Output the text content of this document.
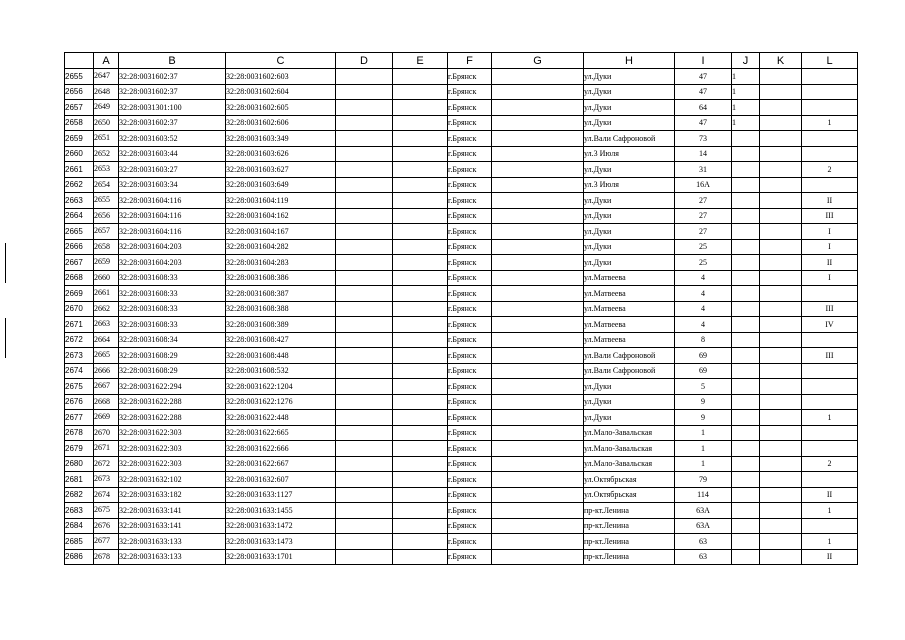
	A	B	C	D	E	F	G	H	I	J	K	L
2655	2647	32:28:0031602:37	32:28:0031602:603			г.Брянск		ул.Дуки	47	1		
2656	2648	32:28:0031602:37	32:28:0031602:604			г.Брянск		ул.Дуки	47	1		
2657	2649	32:28:0031301:100	32:28:0031602:605			г.Брянск		ул.Дуки	64	1		
2658	2650	32:28:0031602:37	32:28:0031602:606			г.Брянск		ул.Дуки	47	1		1
2659	2651	32:28:0031603:52	32:28:0031603:349			г.Брянск		ул.Вали Сафроновой	73			
2660	2652	32:28:0031603:44	32:28:0031603:626			г.Брянск		ул.3 Июля	14			
2661	2653	32:28:0031603:27	32:28:0031603:627			г.Брянск		ул.Дуки	31			2
2662	2654	32:28:0031603:34	32:28:0031603:649			г.Брянск		ул.3 Июля	16А			
2663	2655	32:28:0031604:116	32:28:0031604:119			г.Брянск		ул.Дуки	27			II
2664	2656	32:28:0031604:116	32:28:0031604:162			г.Брянск		ул.Дуки	27			III
2665	2657	32:28:0031604:116	32:28:0031604:167			г.Брянск		ул.Дуки	27			I
2666	2658	32:28:0031604:203	32:28:0031604:282			г.Брянск		ул.Дуки	25			I
2667	2659	32:28:0031604:203	32:28:0031604:283			г.Брянск		ул.Дуки	25			II
2668	2660	32:28:0031608:33	32:28:0031608:386			г.Брянск		ул.Матвеева	4			I
2669	2661	32:28:0031608:33	32:28:0031608:387			г.Брянск		ул.Матвеева	4			
2670	2662	32:28:0031608:33	32:28:0031608:388			г.Брянск		ул.Матвеева	4			III
2671	2663	32:28:0031608:33	32:28:0031608:389			г.Брянск		ул.Матвеева	4			IV
2672	2664	32:28:0031608:34	32:28:0031608:427			г.Брянск		ул.Матвеева	8			
2673	2665	32:28:0031608:29	32:28:0031608:448			г.Брянск		ул.Вали Сафроновой	69			III
2674	2666	32:28:0031608:29	32:28:0031608:532			г.Брянск		ул.Вали Сафроновой	69			
2675	2667	32:28:0031622:294	32:28:0031622:1204			г.Брянск		ул.Дуки	5			
2676	2668	32:28:0031622:288	32:28:0031622:1276			г.Брянск		ул.Дуки	9			
2677	2669	32:28:0031622:288	32:28:0031622:448			г.Брянск		ул.Дуки	9			1
2678	2670	32:28:0031622:303	32:28:0031622:665			г.Брянск		ул.Мало-Завальская	1			
2679	2671	32:28:0031622:303	32:28:0031622:666			г.Брянск		ул.Мало-Завальская	1			
2680	2672	32:28:0031622:303	32:28:0031622:667			г.Брянск		ул.Мало-Завальская	1			2
2681	2673	32:28:0031632:102	32:28:0031632:607			г.Брянск		ул.Октябрьская	79			
2682	2674	32:28:0031633:182	32:28:0031633:1127			г.Брянск		ул.Октябрьская	114			II
2683	2675	32:28:0031633:141	32:28:0031633:1455			г.Брянск		пр-кт.Ленина	63А			1
2684	2676	32:28:0031633:141	32:28:0031633:1472			г.Брянск		пр-кт.Ленина	63А			
2685	2677	32:28:0031633:133	32:28:0031633:1473			г.Брянск		пр-кт.Ленина	63			1
2686	2678	32:28:0031633:133	32:28:0031633:1701			г.Брянск		пр-кт.Ленина	63			II
